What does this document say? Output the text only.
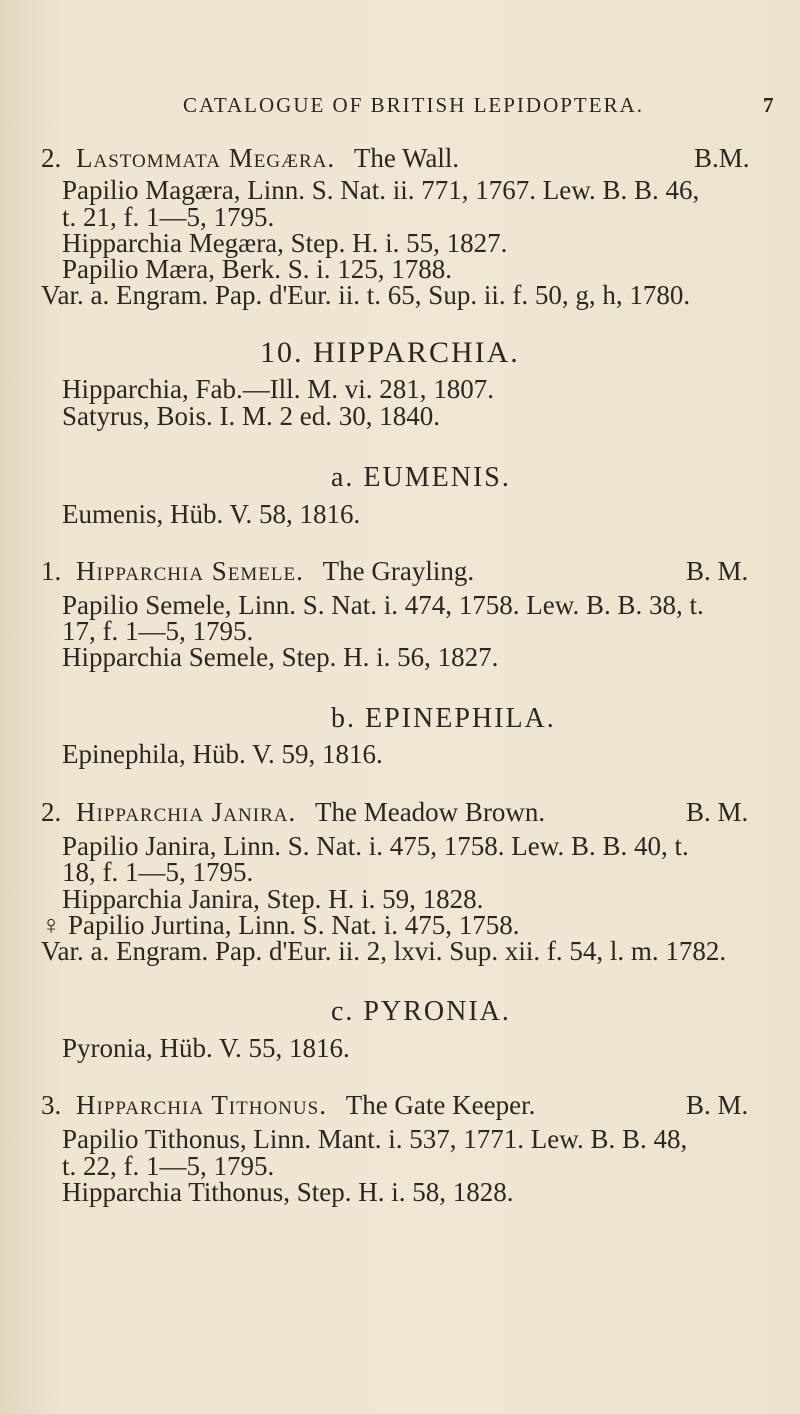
CATALOGUE OF BRITISH LEPIDOPTERA.	7
2. Lastommata Megæra. The Wall.	B.M.
Papilio Magæra, Linn. S. Nat. ii. 771, 1767. Lew. B. B. 46,
t. 21, f. 1—5, 1795.
Hipparchia Megæra, Step. H. i. 55, 1827.
Papilio Mæra, Berk. S. i. 125, 1788.
Var. a. Engram. Pap. d'Eur. ii. t. 65, Sup. ii. f. 50, g, h, 1780.
10. HIPPARCHIA.
Hipparchia, Fab.—Ill. M. vi. 281, 1807.
Satyrus, Bois. I. M. 2 ed. 30, 1840.
a. EUMENIS.
Eumenis, Hüb. V. 58, 1816.
1. Hipparchia Semele. The Grayling.	B. M.
Papilio Semele, Linn. S. Nat. i. 474, 1758. Lew. B. B. 38, t.
17, f. 1—5, 1795.
Hipparchia Semele, Step. H. i. 56, 1827.
b. EPINEPHILA.
Epinephila, Hüb. V. 59, 1816.
2. Hipparchia Janira. The Meadow Brown.	B. M.
Papilio Janira, Linn. S. Nat. i. 475, 1758. Lew. B. B. 40, t.
18, f. 1—5, 1795.
Hipparchia Janira, Step. H. i. 59, 1828.
♀ Papilio Jurtina, Linn. S. Nat. i. 475, 1758.
Var. a. Engram. Pap. d'Eur. ii. 2, lxvi. Sup. xii. f. 54, l. m. 1782.
c. PYRONIA.
Pyronia, Hüb. V. 55, 1816.
3. Hipparchia Tithonus. The Gate Keeper.	B. M.
Papilio Tithonus, Linn. Mant. i. 537, 1771. Lew. B. B. 48,
t. 22, f. 1—5, 1795.
Hipparchia Tithonus, Step. H. i. 58, 1828.
